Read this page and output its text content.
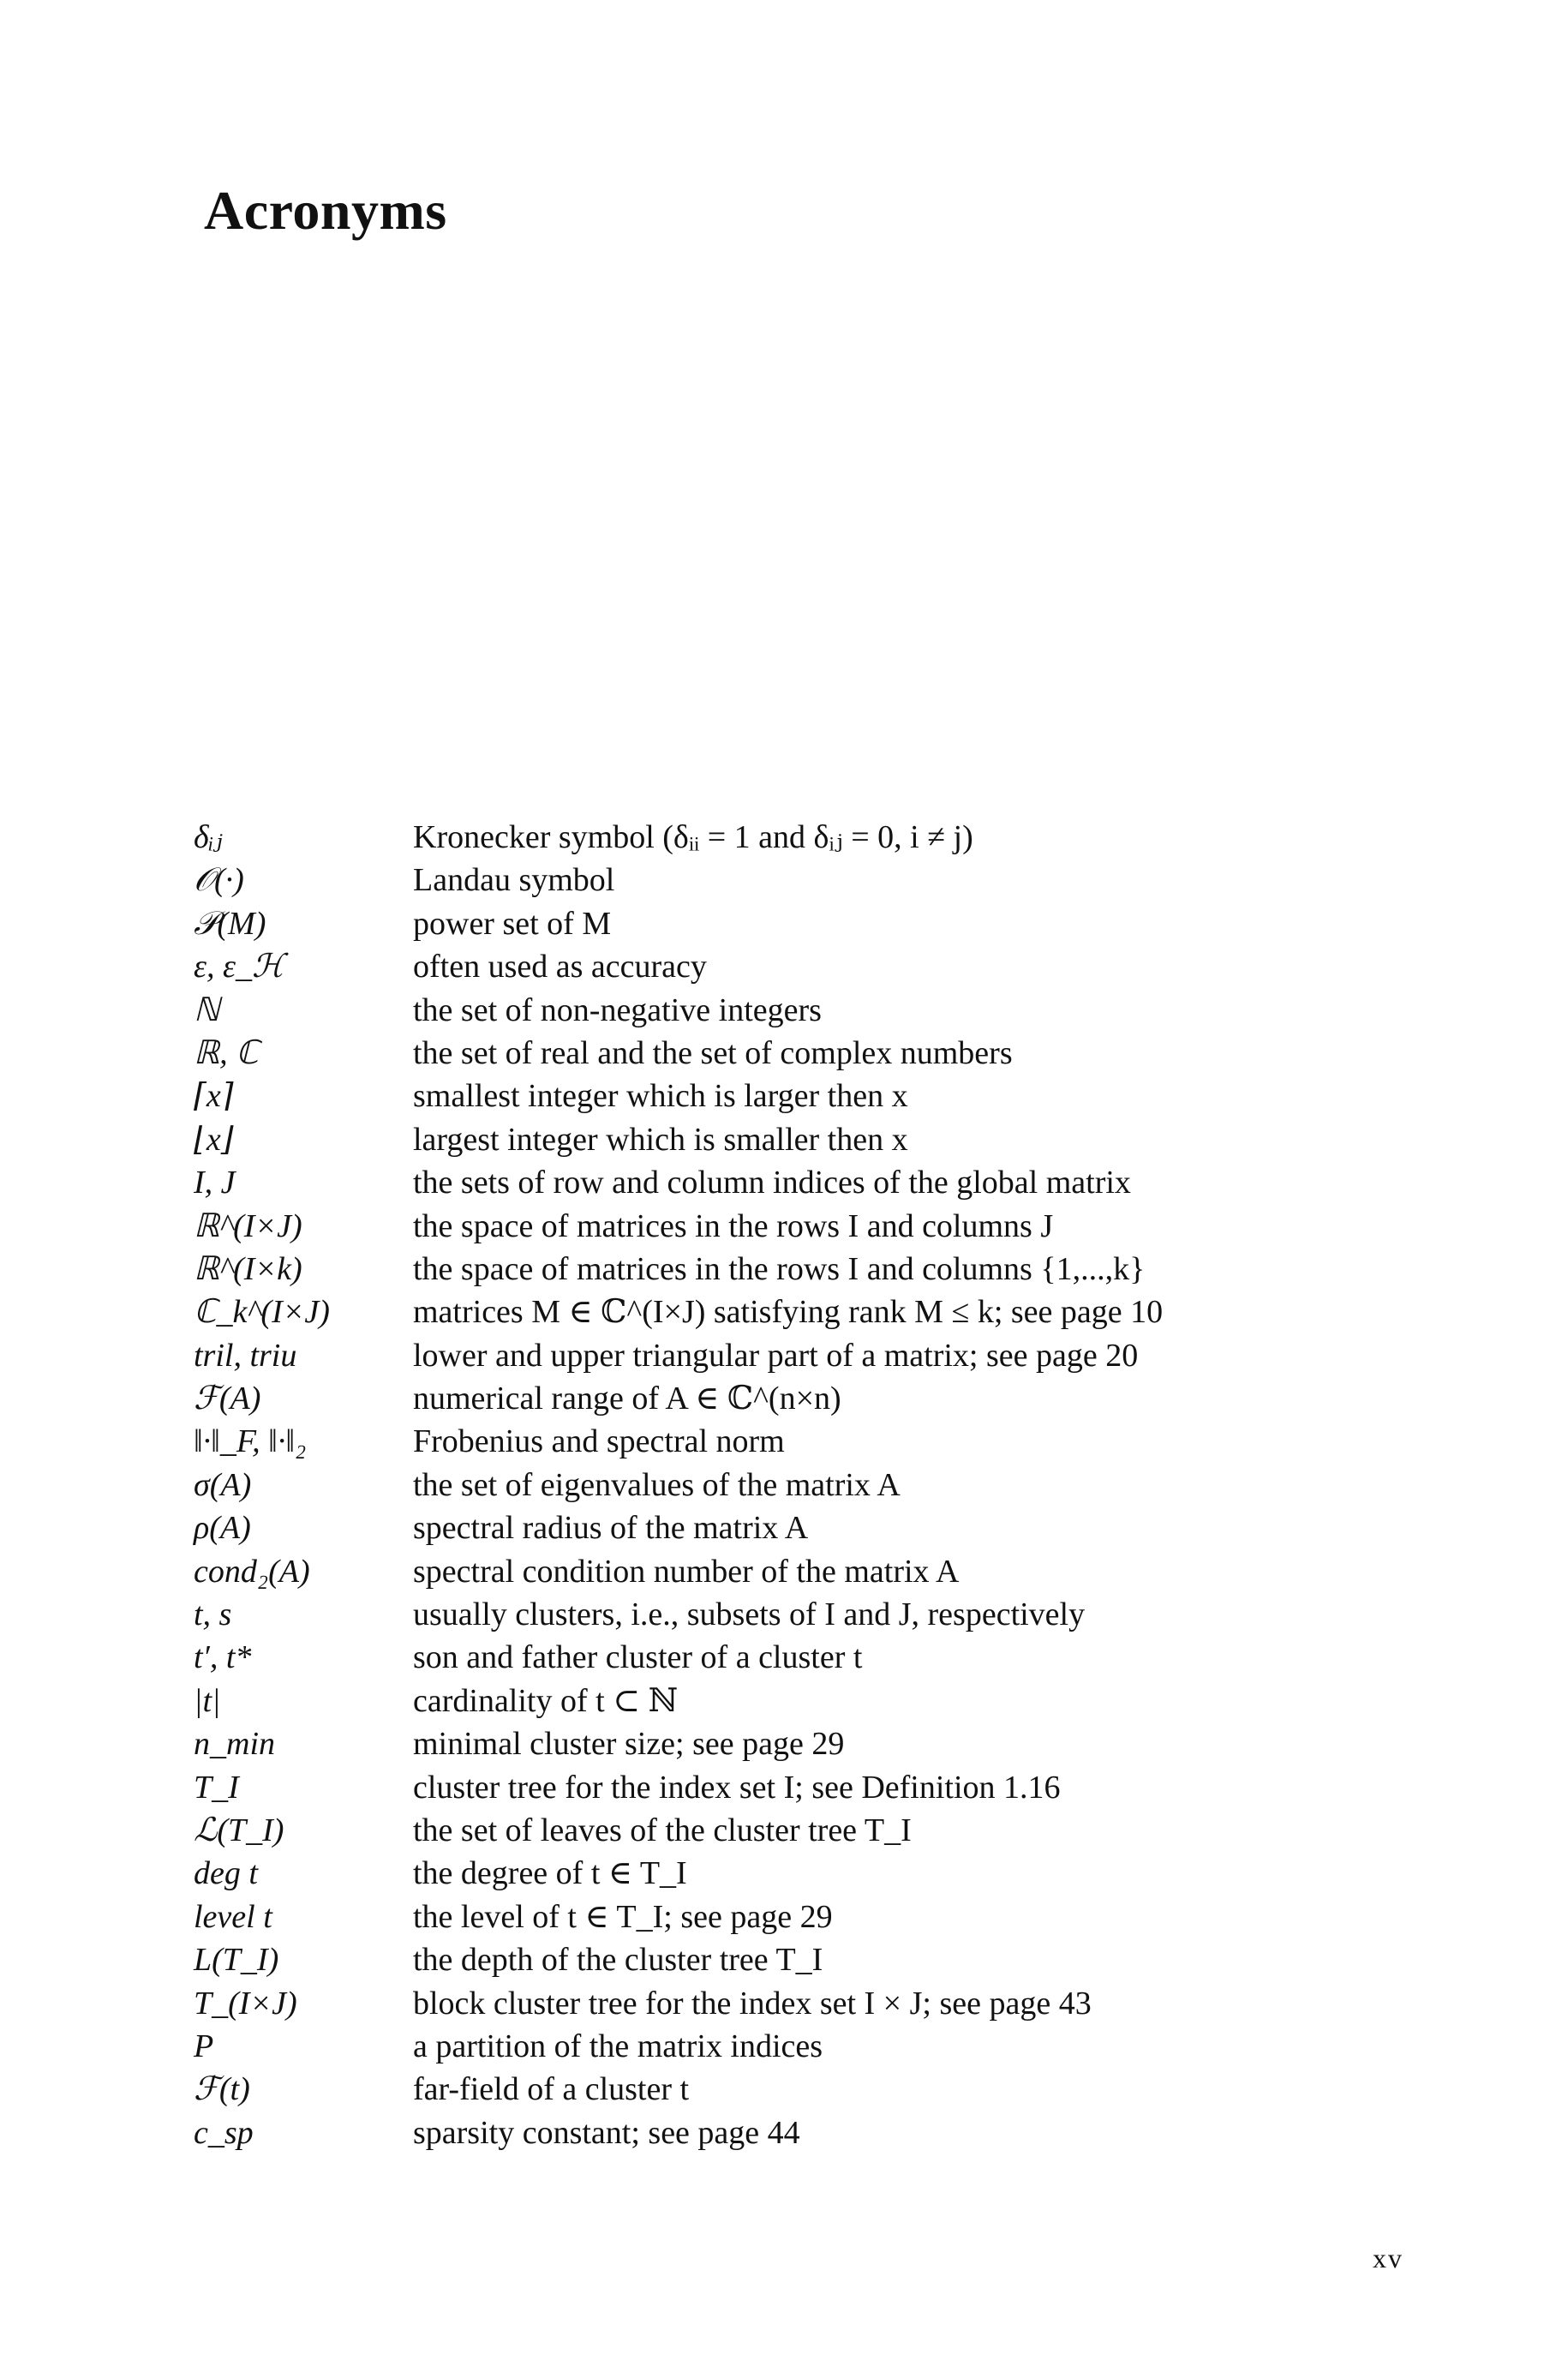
Acronyms
δᵢⱼ	Kronecker symbol (δᵢᵢ = 1 and δᵢⱼ = 0, i ≠ j)
𝒪(·)	Landau symbol
𝒫(M)	power set of M
ε, ε_ℋ	often used as accuracy
ℕ	the set of non-negative integers
ℝ, ℂ	the set of real and the set of complex numbers
⌈x⌉	smallest integer which is larger then x
⌊x⌋	largest integer which is smaller then x
I, J	the sets of row and column indices of the global matrix
ℝ^(I×J)	the space of matrices in the rows I and columns J
ℝ^(I×k)	the space of matrices in the rows I and columns {1,...,k}
ℂ_k^(I×J)	matrices M ∈ ℂ^(I×J) satisfying rank M ≤ k; see page 10
tril, triu	lower and upper triangular part of a matrix; see page 20
ℱ(A)	numerical range of A ∈ ℂ^(n×n)
‖·‖_F, ‖·‖₂	Frobenius and spectral norm
σ(A)	the set of eigenvalues of the matrix A
ρ(A)	spectral radius of the matrix A
cond₂(A)	spectral condition number of the matrix A
t, s	usually clusters, i.e., subsets of I and J, respectively
t′, t*	son and father cluster of a cluster t
|t|	cardinality of t ⊂ ℕ
n_min	minimal cluster size; see page 29
T_I	cluster tree for the index set I; see Definition 1.16
ℒ(T_I)	the set of leaves of the cluster tree T_I
deg t	the degree of t ∈ T_I
level t	the level of t ∈ T_I; see page 29
L(T_I)	the depth of the cluster tree T_I
T_(I×J)	block cluster tree for the index set I × J; see page 43
P	a partition of the matrix indices
ℱ(t)	far-field of a cluster t
c_sp	sparsity constant; see page 44
xv
